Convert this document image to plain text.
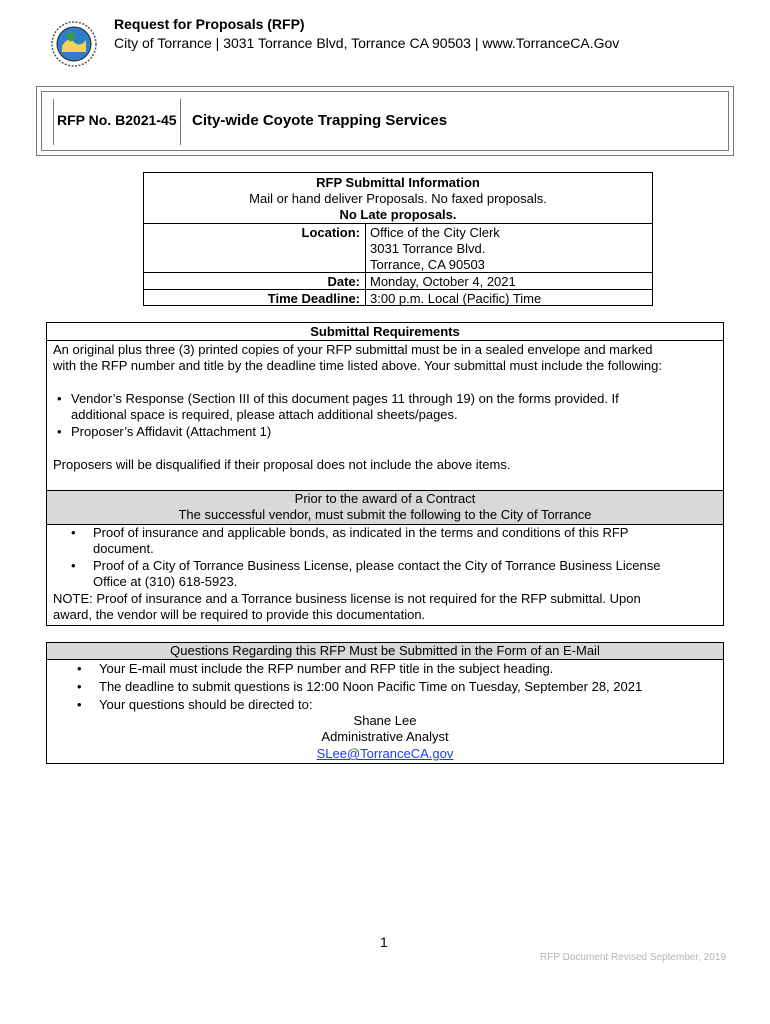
Request for Proposals (RFP)
City of Torrance | 3031 Torrance Blvd, Torrance CA 90503 | www.TorranceCA.Gov
RFP No. B2021-45 City-wide Coyote Trapping Services
RFP Submittal Information
Mail or hand deliver Proposals. No faxed proposals.
No Late proposals.
Location: Office of the City Clerk
3031 Torrance Blvd.
Torrance, CA 90503
Date: Monday, October 4, 2021
Time Deadline: 3:00 p.m. Local (Pacific) Time
Submittal Requirements
An original plus three (3) printed copies of your RFP submittal must be in a sealed envelope and marked
with the RFP number and title by the deadline time listed above. Your submittal must include the following:
• Vendor’s Response (Section III of this document pages 11 through 19) on the forms provided. If
additional space is required, please attach additional sheets/pages.
• Proposer’s Affidavit (Attachment 1)
Proposers will be disqualified if their proposal does not include the above items.
Prior to the award of a Contract
The successful vendor, must submit the following to the City of Torrance
• Proof of insurance and applicable bonds, as indicated in the terms and conditions of this RFP
document.
• Proof of a City of Torrance Business License, please contact the City of Torrance Business License
Office at (310) 618-5923.
NOTE: Proof of insurance and a Torrance business license is not required for the RFP submittal. Upon
award, the vendor will be required to provide this documentation.
Questions Regarding this RFP Must be Submitted in the Form of an E-Mail
• Your E-mail must include the RFP number and RFP title in the subject heading.
• The deadline to submit questions is 12:00 Noon Pacific Time on Tuesday, September 28, 2021
• Your questions should be directed to:
Shane Lee
Administrative Analyst
SLee@TorranceCA.gov
1
RFP Document Revised September, 2019
